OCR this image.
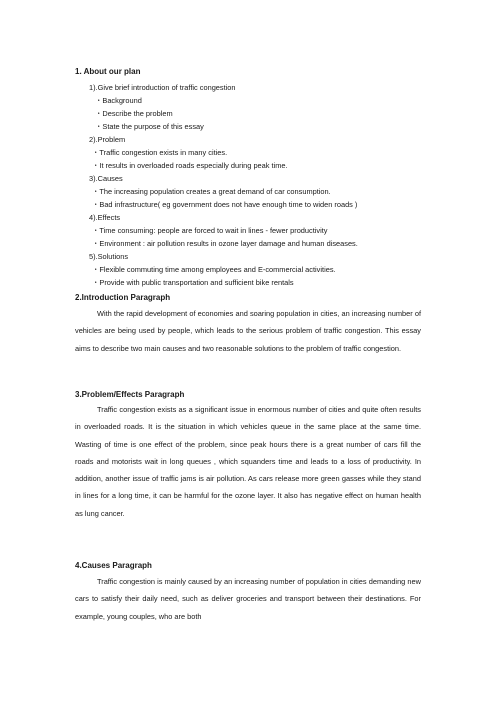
1. About our plan
1).Give brief introduction of traffic congestion
・Background
・Describe the problem
・State the purpose of this essay
2).Problem
・Traffic congestion exists in many cities.
・It results in overloaded roads especially during peak time.
3).Causes
・The increasing population creates a great demand of car consumption.
・Bad infrastructure( eg government does not have enough time to widen roads )
4).Effects
・Time consuming: people are forced to wait in lines - fewer productivity
・Environment : air pollution results in ozone layer damage and human diseases.
5).Solutions
・Flexible commuting time among employees and E-commercial activities.
・Provide with public transportation and sufficient bike rentals
2.Introduction Paragraph

With the rapid development of economies and soaring population in cities, an increasing number of vehicles are being used by people, which leads to the serious problem of traffic congestion. This essay aims to describe two main causes and two reasonable solutions to the problem of traffic congestion.

3.Problem/Effects Paragraph

Traffic congestion exists as a significant issue in enormous number of cities and quite often results in overloaded roads. It is the situation in which vehicles queue in the same place at the same time. Wasting of time is one effect of the problem, since peak hours there is a great number of cars fill the roads and motorists wait in long queues , which squanders time and leads to a loss of productivity. In addition, another issue of traffic jams is air pollution. As cars release more green gasses while they stand in lines for a long time, it can be harmful for the ozone layer. It also has negative effect on human health as lung cancer.

4.Causes Paragraph

Traffic congestion is mainly caused by an increasing number of population in cities demanding new cars to satisfy their daily need, such as deliver groceries and transport between their destinations. For example, young couples, who are both
